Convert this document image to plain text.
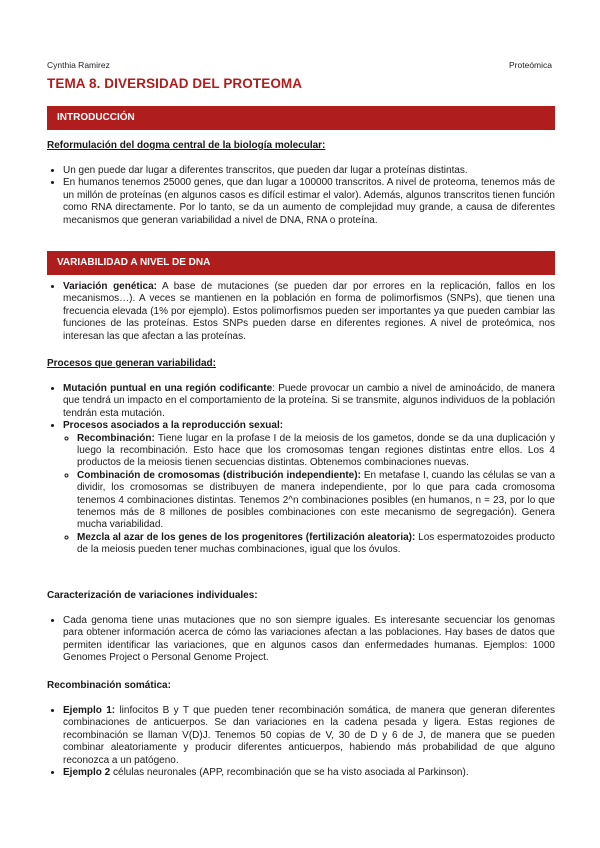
Cynthia Ramirez	Proteómica
TEMA 8. DIVERSIDAD DEL PROTEOMA
INTRODUCCIÓN
Reformulación del dogma central de la biología molecular:
• Un gen puede dar lugar a diferentes transcritos, que pueden dar lugar a proteínas distintas.
• En humanos tenemos 25000 genes, que dan lugar a 100000 transcritos. A nivel de proteoma, tenemos más de un millón de proteínas (en algunos casos es difícil estimar el valor). Además, algunos transcritos tienen función como RNA directamente. Por lo tanto, se da un aumento de complejidad muy grande, a causa de diferentes mecanismos que generan variabilidad a nivel de DNA, RNA o proteína.
VARIABILIDAD A NIVEL DE DNA
• Variación genética: A base de mutaciones (se pueden dar por errores en la replicación, fallos en los mecanismos…). A veces se mantienen en la población en forma de polimorfismos (SNPs), que tienen una frecuencia elevada (1% por ejemplo). Estos polimorfismos pueden ser importantes ya que pueden cambiar las funciones de las proteínas. Estos SNPs pueden darse en diferentes regiones. A nivel de proteómica, nos interesan las que afectan a las proteínas.
Procesos que generan variabilidad:
• Mutación puntual en una región codificante: Puede provocar un cambio a nivel de aminoácido, de manera que tendrá un impacto en el comportamiento de la proteína. Si se transmite, algunos individuos de la población tendrán esta mutación.
• Procesos asociados a la reproducción sexual:
◦ Recombinación: Tiene lugar en la profase I de la meiosis de los gametos, donde se da una duplicación y luego la recombinación. Esto hace que los cromosomas tengan regiones distintas entre ellos. Los 4 productos de la meiosis tienen secuencias distintas. Obtenemos combinaciones nuevas.
◦ Combinación de cromosomas (distribución independiente): En metafase I, cuando las células se van a dividir, los cromosomas se distribuyen de manera independiente, por lo que para cada cromosoma tenemos 4 combinaciones distintas. Tenemos 2^n combinaciones posibles (en humanos, n = 23, por lo que tenemos más de 8 millones de posibles combinaciones con este mecanismo de segregación). Genera mucha variabilidad.
◦ Mezcla al azar de los genes de los progenitores (fertilización aleatoria): Los espermatozoides producto de la meiosis pueden tener muchas combinaciones, igual que los óvulos.
Caracterización de variaciones individuales:
• Cada genoma tiene unas mutaciones que no son siempre iguales. Es interesante secuenciar los genomas para obtener información acerca de cómo las variaciones afectan a las poblaciones. Hay bases de datos que permiten identificar las variaciones, que en algunos casos dan enfermedades humanas. Ejemplos: 1000 Genomes Project o Personal Genome Project.
Recombinación somática:
• Ejemplo 1: linfocitos B y T que pueden tener recombinación somática, de manera que generan diferentes combinaciones de anticuerpos. Se dan variaciones en la cadena pesada y ligera. Estas regiones de recombinación se llaman V(D)J. Tenemos 50 copias de V, 30 de D y 6 de J, de manera que se pueden combinar aleatoriamente y producir diferentes anticuerpos, habiendo más probabilidad de que alguno reconozca a un patógeno.
• Ejemplo 2 células neuronales (APP, recombinación que se ha visto asociada al Parkinson).
